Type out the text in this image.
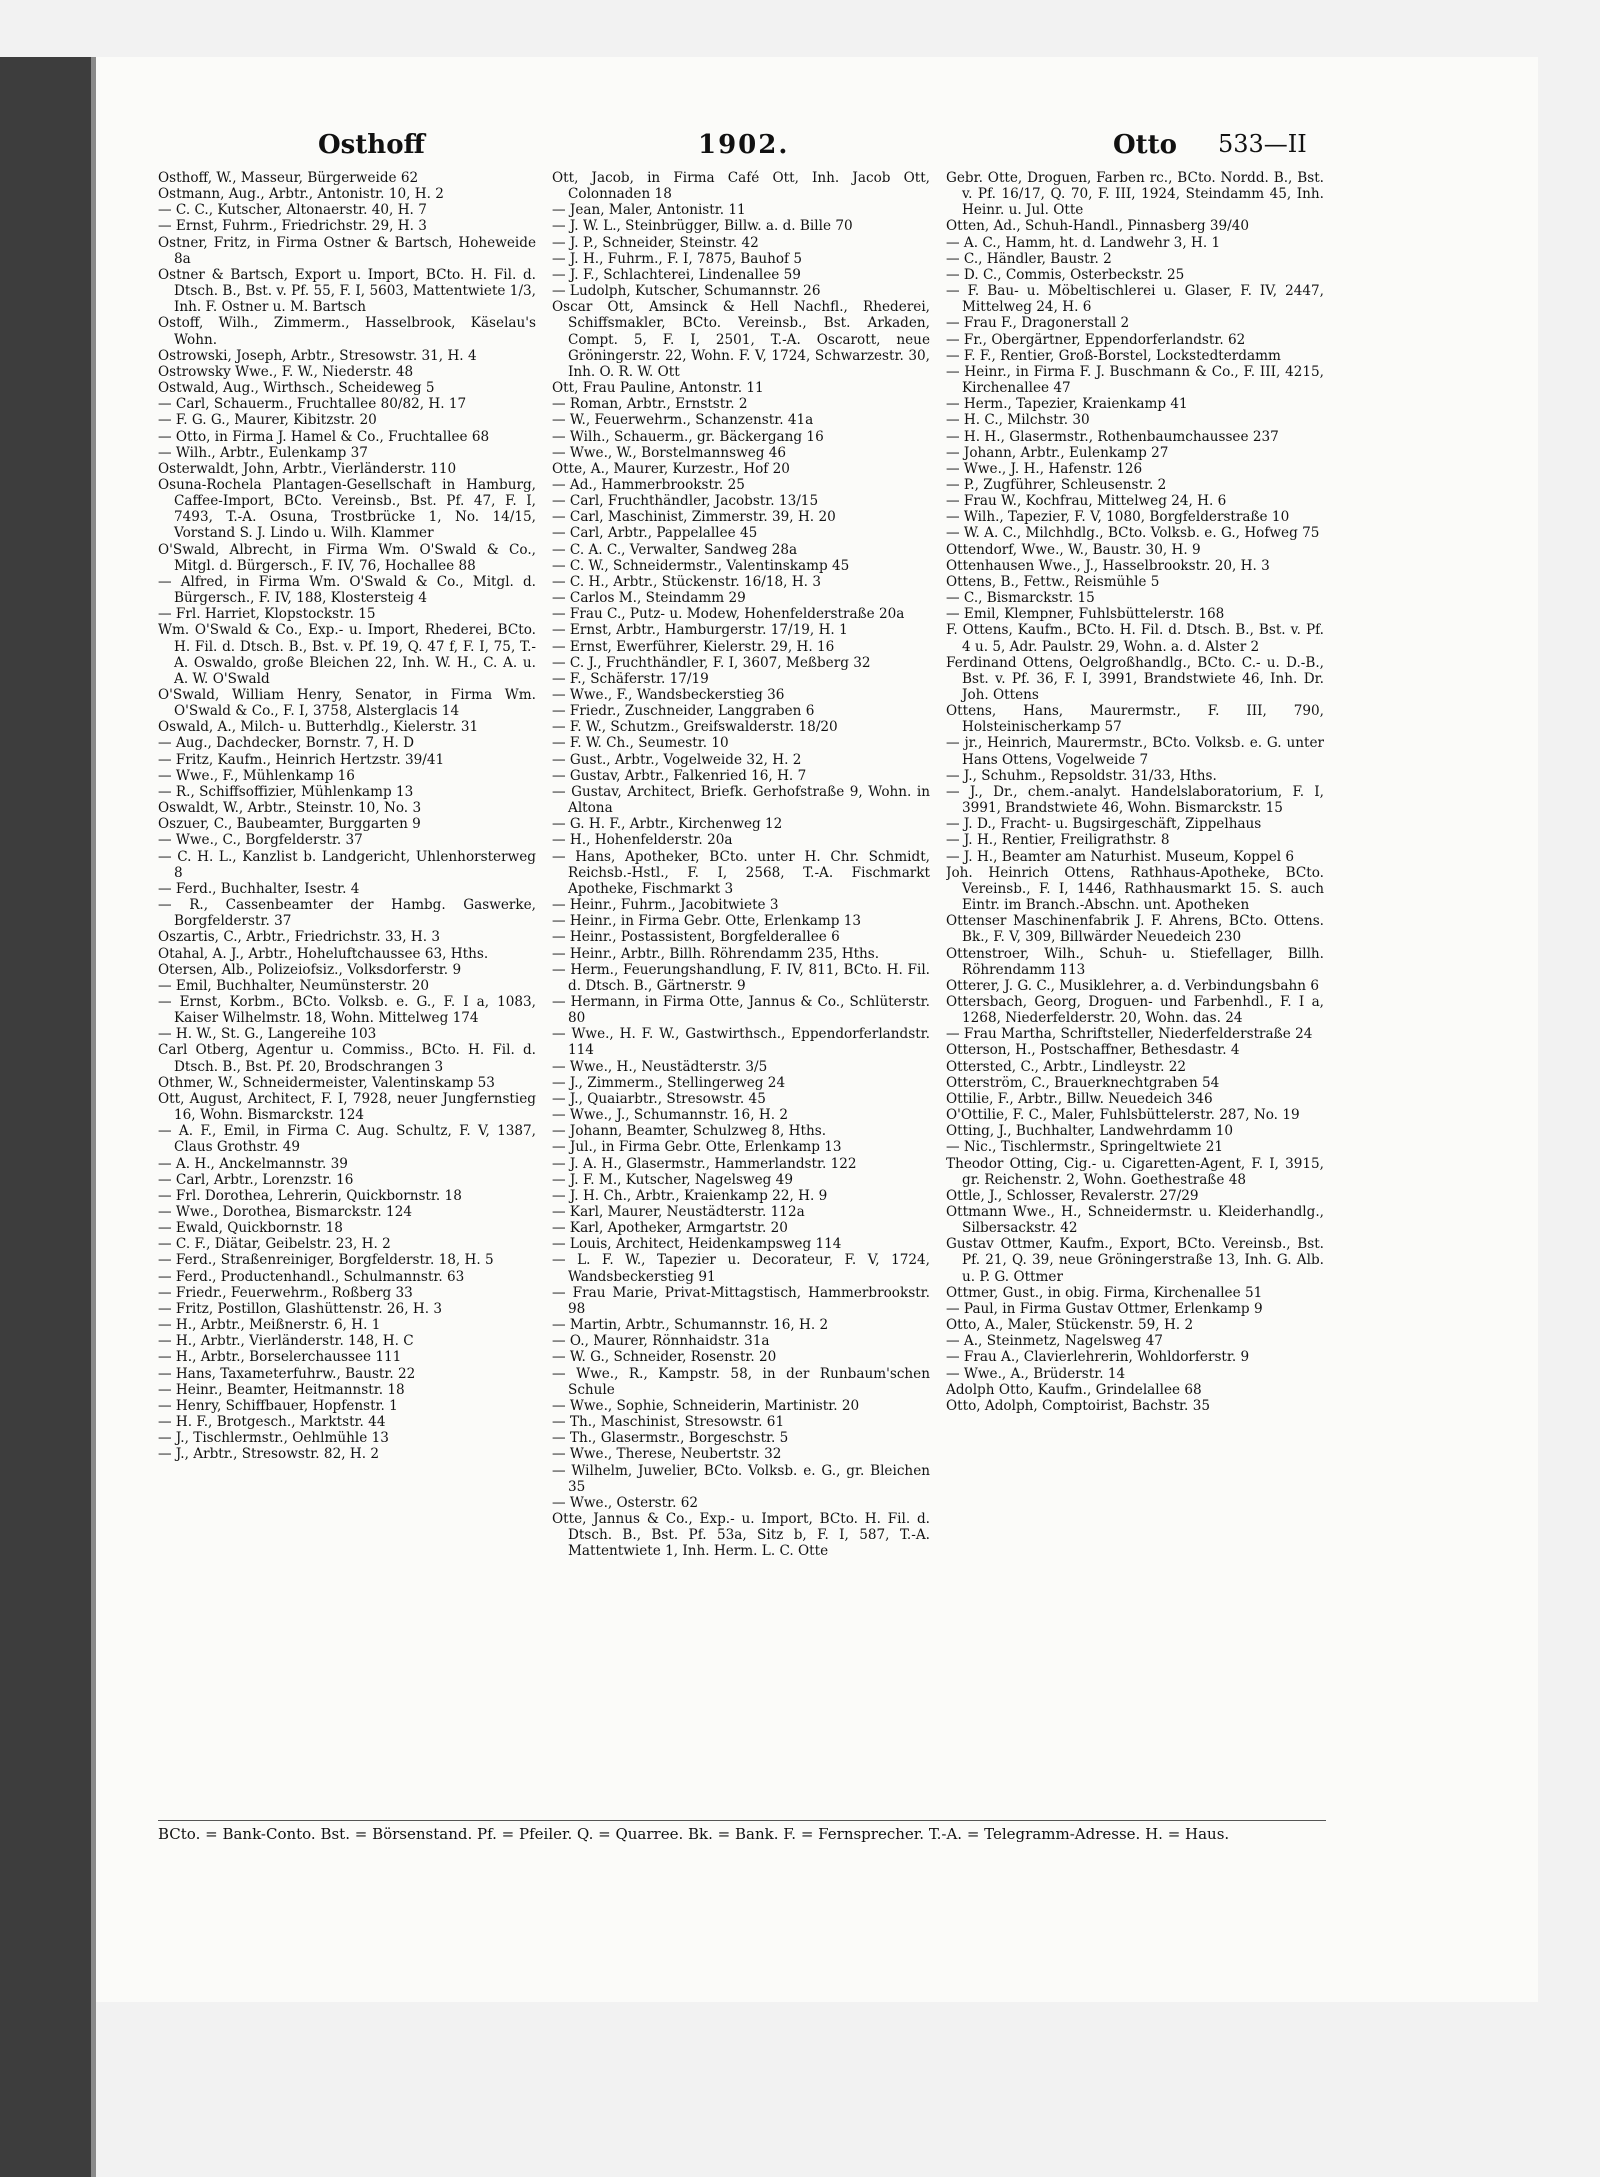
Osthoff	1902.	Otto 533—II

Osthoff, W., Masseur, Bürgerweide 62

Ostmann, Aug., Arbtr., Antonistr. 10, H. 2

— C. C., Kutscher, Altonaerstr. 40, H. 7

— Ernst, Fuhrm., Friedrichstr. 29, H. 3

Ostner, Fritz, in Firma Ostner & Bartsch, Hoheweide 8a

Ostner & Bartsch, Export u. Import, BCto. H. Fil. d. Dtsch. B., Bst. v. Pf. 55, F. I, 5603, Mattentwiete 1/3, Inh. F. Ostner u. M. Bartsch

Ostoff, Wilh., Zimmerm., Hasselbrook, Käselau's Wohn.

Ostrowski, Joseph, Arbtr., Stresowstr. 31, H. 4

Ostrowsky Wwe., F. W., Niederstr. 48

Ostwald, Aug., Wirthsch., Scheideweg 5

— Carl, Schauerm., Fruchtallee 80/82, H. 17

— F. G. G., Maurer, Kibitzstr. 20

— Otto, in Firma J. Hamel & Co., Fruchtallee 68

— Wilh., Arbtr., Eulenkamp 37

Osterwaldt, John, Arbtr., Vierländerstr. 110

Osuna-Rochela Plantagen-Gesellschaft in Hamburg, Caffee-Import, BCto. Vereinsb., Bst. Pf. 47, F. I, 7493, T.-A. Osuna, Trostbrücke 1, No. 14/15, Vorstand S. J. Lindo u. Wilh. Klammer

O'Swald, Albrecht, in Firma Wm. O'Swald & Co., Mitgl. d. Bürgersch., F. IV, 76, Hochallee 88

— Alfred, in Firma Wm. O'Swald & Co., Mitgl. d. Bürgersch., F. IV, 188, Klostersteig 4

— Frl. Harriet, Klopstockstr. 15

Wm. O'Swald & Co., Exp.- u. Import, Rhederei, BCto. H. Fil. d. Dtsch. B., Bst. v. Pf. 19, Q. 47 f, F. I, 75, T.-A. Oswaldo, große Bleichen 22, Inh. W. H., C. A. u. A. W. O'Swald

O'Swald, William Henry, Senator, in Firma Wm. O'Swald & Co., F. I, 3758, Alsterglacis 14

Oswald, A., Milch- u. Butterhdlg., Kielerstr. 31

— Aug., Dachdecker, Bornstr. 7, H. D

— Fritz, Kaufm., Heinrich Hertzstr. 39/41

— Wwe., F., Mühlenkamp 16

— R., Schiffsoffizier, Mühlenkamp 13

Oswaldt, W., Arbtr., Steinstr. 10, No. 3

Oszuer, C., Baubeamter, Burggarten 9

— Wwe., C., Borgfelderstr. 37

— C. H. L., Kanzlist b. Landgericht, Uhlenhorsterweg 8

— Ferd., Buchhalter, Isestr. 4

— R., Cassenbeamter der Hambg. Gaswerke, Borgfelderstr. 37

Oszartis, C., Arbtr., Friedrichstr. 33, H. 3

Otahal, A. J., Arbtr., Hoheluftchaussee 63, Hths.

Otersen, Alb., Polizeiofsiz., Volksdorferstr. 9

— Emil, Buchhalter, Neumünsterstr. 20

— Ernst, Korbm., BCto. Volksb. e. G., F. I a, 1083, Kaiser Wilhelmstr. 18, Wohn. Mittelweg 174

— H. W., St. G., Langereihe 103

Carl Otberg, Agentur u. Commiss., BCto. H. Fil. d. Dtsch. B., Bst. Pf. 20, Brodschrangen 3

Othmer, W., Schneidermeister, Valentinskamp 53

Ott, August, Architect, F. I, 7928, neuer Jungfernstieg 16, Wohn. Bismarckstr. 124

— A. F., Emil, in Firma C. Aug. Schultz, F. V, 1387, Claus Grothstr. 49

— A. H., Anckelmannstr. 39

— Carl, Arbtr., Lorenzstr. 16

— Frl. Dorothea, Lehrerin, Quickbornstr. 18

— Wwe., Dorothea, Bismarckstr. 124

— Ewald, Quickbornstr. 18

— C. F., Diätar, Geibelstr. 23, H. 2

— Ferd., Straßenreiniger, Borgfelderstr. 18, H. 5

— Ferd., Productenhandl., Schulmannstr. 63

— Friedr., Feuerwehrm., Roßberg 33

— Fritz, Postillon, Glashüttenstr. 26, H. 3

— H., Arbtr., Meißnerstr. 6, H. 1

— H., Arbtr., Vierländerstr. 148, H. C

— H., Arbtr., Borselerchaussee 111

— Hans, Taxameterfuhrw., Baustr. 22

— Heinr., Beamter, Heitmannstr. 18

— Henry, Schiffbauer, Hopfenstr. 1

— H. F., Brotgesch., Marktstr. 44

— J., Tischlermstr., Oehlmühle 13

— J., Arbtr., Stresowstr. 82, H. 2

Ott, Jacob, in Firma Café Ott, Inh. Jacob Ott, Colonnaden 18

— Jean, Maler, Antonistr. 11

— J. W. L., Steinbrügger, Billw. a. d. Bille 70

— J. P., Schneider, Steinstr. 42

— J. H., Fuhrm., F. I, 7875, Bauhof 5

— J. F., Schlachterei, Lindenallee 59

— Ludolph, Kutscher, Schumannstr. 26

Oscar Ott, Amsinck & Hell Nachfl., Rhederei, Schiffsmakler, BCto. Vereinsb., Bst. Arkaden, Compt. 5, F. I, 2501, T.-A. Oscarott, neue Gröningerstr. 22, Wohn. F. V, 1724, Schwarzestr. 30, Inh. O. R. W. Ott

Ott, Frau Pauline, Antonstr. 11

— Roman, Arbtr., Ernststr. 2

— W., Feuerwehrm., Schanzenstr. 41a

— Wilh., Schauerm., gr. Bäckergang 16

— Wwe., W., Borstelmannsweg 46

Otte, A., Maurer, Kurzestr., Hof 20

— Ad., Hammerbrookstr. 25

— Carl, Fruchthändler, Jacobstr. 13/15

— Carl, Maschinist, Zimmerstr. 39, H. 20

— Carl, Arbtr., Pappelallee 45

— C. A. C., Verwalter, Sandweg 28a

— C. W., Schneidermstr., Valentinskamp 45

— C. H., Arbtr., Stückenstr. 16/18, H. 3

— Carlos M., Steindamm 29

— Frau C., Putz- u. Modew, Hohenfelderstraße 20a

— Ernst, Arbtr., Hamburgerstr. 17/19, H. 1

— Ernst, Ewerführer, Kielerstr. 29, H. 16

— C. J., Fruchthändler, F. I, 3607, Meßberg 32

— F., Schäferstr. 17/19

— Wwe., F., Wandsbeckerstieg 36

— Friedr., Zuschneider, Langgraben 6

— F. W., Schutzm., Greifswalderstr. 18/20

— F. W. Ch., Seumestr. 10

— Gust., Arbtr., Vogelweide 32, H. 2

— Gustav, Arbtr., Falkenried 16, H. 7

— Gustav, Architect, Briefk. Gerhofstraße 9, Wohn. in Altona

— G. H. F., Arbtr., Kirchenweg 12

— H., Hohenfelderstr. 20a

— Hans, Apotheker, BCto. unter H. Chr. Schmidt, Reichsb.-Hstl., F. I, 2568, T.-A. Fischmarkt Apotheke, Fischmarkt 3

— Heinr., Fuhrm., Jacobitwiete 3

— Heinr., in Firma Gebr. Otte, Erlenkamp 13

— Heinr., Postassistent, Borgfelderallee 6

— Heinr., Arbtr., Billh. Röhrendamm 235, Hths.

— Herm., Feuerungshandlung, F. IV, 811, BCto. H. Fil. d. Dtsch. B., Gärtnerstr. 9

— Hermann, in Firma Otte, Jannus & Co., Schlüterstr. 80

— Wwe., H. F. W., Gastwirthsch., Eppendorferlandstr. 114

— Wwe., H., Neustädterstr. 3/5

— J., Zimmerm., Stellingerweg 24

— J., Quaiarbtr., Stresowstr. 45

— Wwe., J., Schumannstr. 16, H. 2

— Johann, Beamter, Schulzweg 8, Hths.

— Jul., in Firma Gebr. Otte, Erlenkamp 13

— J. A. H., Glasermstr., Hammerlandstr. 122

— J. F. M., Kutscher, Nagelsweg 49

— J. H. Ch., Arbtr., Kraienkamp 22, H. 9

— Karl, Maurer, Neustädterstr. 112a

— Karl, Apotheker, Armgartstr. 20

— Louis, Architect, Heidenkampsweg 114

— L. F. W., Tapezier u. Decorateur, F. V, 1724, Wandsbeckerstieg 91

— Frau Marie, Privat-Mittagstisch, Hammerbrookstr. 98

— Martin, Arbtr., Schumannstr. 16, H. 2

— O., Maurer, Rönnhaidstr. 31a

— W. G., Schneider, Rosenstr. 20

— Wwe., R., Kampstr. 58, in der Runbaum'schen Schule

— Wwe., Sophie, Schneiderin, Martinistr. 20

— Th., Maschinist, Stresowstr. 61

— Th., Glasermstr., Borgeschstr. 5

— Wwe., Therese, Neubertstr. 32

— Wilhelm, Juwelier, BCto. Volksb. e. G., gr. Bleichen 35

— Wwe., Osterstr. 62

Otte, Jannus & Co., Exp.- u. Import, BCto. H. Fil. d. Dtsch. B., Bst. Pf. 53a, Sitz b, F. I, 587, T.-A. Mattentwiete 1, Inh. Herm. L. C. Otte

Gebr. Otte, Droguen, Farben rc., BCto. Nordd. B., Bst. v. Pf. 16/17, Q. 70, F. III, 1924, Steindamm 45, Inh. Heinr. u. Jul. Otte

Otten, Ad., Schuh-Handl., Pinnasberg 39/40

— A. C., Hamm, ht. d. Landwehr 3, H. 1

— C., Händler, Baustr. 2

— D. C., Commis, Osterbeckstr. 25

— F. Bau- u. Möbeltischlerei u. Glaser, F. IV, 2447, Mittelweg 24, H. 6

— Frau F., Dragonerstall 2

— Fr., Obergärtner, Eppendorferlandstr. 62

— F. F., Rentier, Groß-Borstel, Lockstedterdamm

— Heinr., in Firma F. J. Buschmann & Co., F. III, 4215, Kirchenallee 47

— Herm., Tapezier, Kraienkamp 41

— H. C., Milchstr. 30

— H. H., Glasermstr., Rothenbaumchaussee 237

— Johann, Arbtr., Eulenkamp 27

— Wwe., J. H., Hafenstr. 126

— P., Zugführer, Schleusenstr. 2

— Frau W., Kochfrau, Mittelweg 24, H. 6

— Wilh., Tapezier, F. V, 1080, Borgfelderstraße 10

— W. A. C., Milchhdlg., BCto. Volksb. e. G., Hofweg 75

Ottendorf, Wwe., W., Baustr. 30, H. 9

Ottenhausen Wwe., J., Hasselbrookstr. 20, H. 3

Ottens, B., Fettw., Reismühle 5

— C., Bismarckstr. 15

— Emil, Klempner, Fuhlsbüttelerstr. 168

F. Ottens, Kaufm., BCto. H. Fil. d. Dtsch. B., Bst. v. Pf. 4 u. 5, Adr. Paulstr. 29, Wohn. a. d. Alster 2

Ferdinand Ottens, Oelgroßhandlg., BCto. C.- u. D.-B., Bst. v. Pf. 36, F. I, 3991, Brandstwiete 46, Inh. Dr. Joh. Ottens

Ottens, Hans, Maurermstr., F. III, 790, Holsteinischerkamp 57

— jr., Heinrich, Maurermstr., BCto. Volksb. e. G. unter Hans Ottens, Vogelweide 7

— J., Schuhm., Repsoldstr. 31/33, Hths.

— J., Dr., chem.-analyt. Handelslaboratorium, F. I, 3991, Brandstwiete 46, Wohn. Bismarckstr. 15

— J. D., Fracht- u. Bugsirgeschäft, Zippelhaus

— J. H., Rentier, Freiligrathstr. 8

— J. H., Beamter am Naturhist. Museum, Koppel 6

Joh. Heinrich Ottens, Rathhaus-Apotheke, BCto. Vereinsb., F. I, 1446, Rathhausmarkt 15. S. auch Eintr. im Branch.-Abschn. unt. Apotheken

Ottenser Maschinenfabrik J. F. Ahrens, BCto. Ottens. Bk., F. V, 309, Billwärder Neuedeich 230

Ottenstroer, Wilh., Schuh- u. Stiefellager, Billh. Röhrendamm 113

Otterer, J. G. C., Musiklehrer, a. d. Verbindungsbahn 6

Ottersbach, Georg, Droguen- und Farbenhdl., F. I a, 1268, Niederfelderstr. 20, Wohn. das. 24

— Frau Martha, Schriftsteller, Niederfelderstraße 24

Otterson, H., Postschaffner, Bethesdastr. 4

Ottersted, C., Arbtr., Lindleystr. 22

Otterström, C., Brauerknechtgraben 54

Ottilie, F., Arbtr., Billw. Neuedeich 346

O'Ottilie, F. C., Maler, Fuhlsbüttelerstr. 287, No. 19

Otting, J., Buchhalter, Landwehrdamm 10

— Nic., Tischlermstr., Springeltwiete 21

Theodor Otting, Cig.- u. Cigaretten-Agent, F. I, 3915, gr. Reichenstr. 2, Wohn. Goethestraße 48

Ottle, J., Schlosser, Revalerstr. 27/29

Ottmann Wwe., H., Schneidermstr. u. Kleiderhandlg., Silbersackstr. 42

Gustav Ottmer, Kaufm., Export, BCto. Vereinsb., Bst. Pf. 21, Q. 39, neue Gröningerstraße 13, Inh. G. Alb. u. P. G. Ottmer

Ottmer, Gust., in obig. Firma, Kirchenallee 51

— Paul, in Firma Gustav Ottmer, Erlenkamp 9

Otto, A., Maler, Stückenstr. 59, H. 2

— A., Steinmetz, Nagelsweg 47

— Frau A., Clavierlehrerin, Wohldorferstr. 9

— Wwe., A., Brüderstr. 14

Adolph Otto, Kaufm., Grindelallee 68

Otto, Adolph, Comptoirist, Bachstr. 35

BCto. = Bank-Conto. Bst. = Börsenstand. Pf. = Pfeiler. Q. = Quarree. Bk. = Bank. F. = Fernsprecher. T.-A. = Telegramm-Adresse. H. = Haus.
